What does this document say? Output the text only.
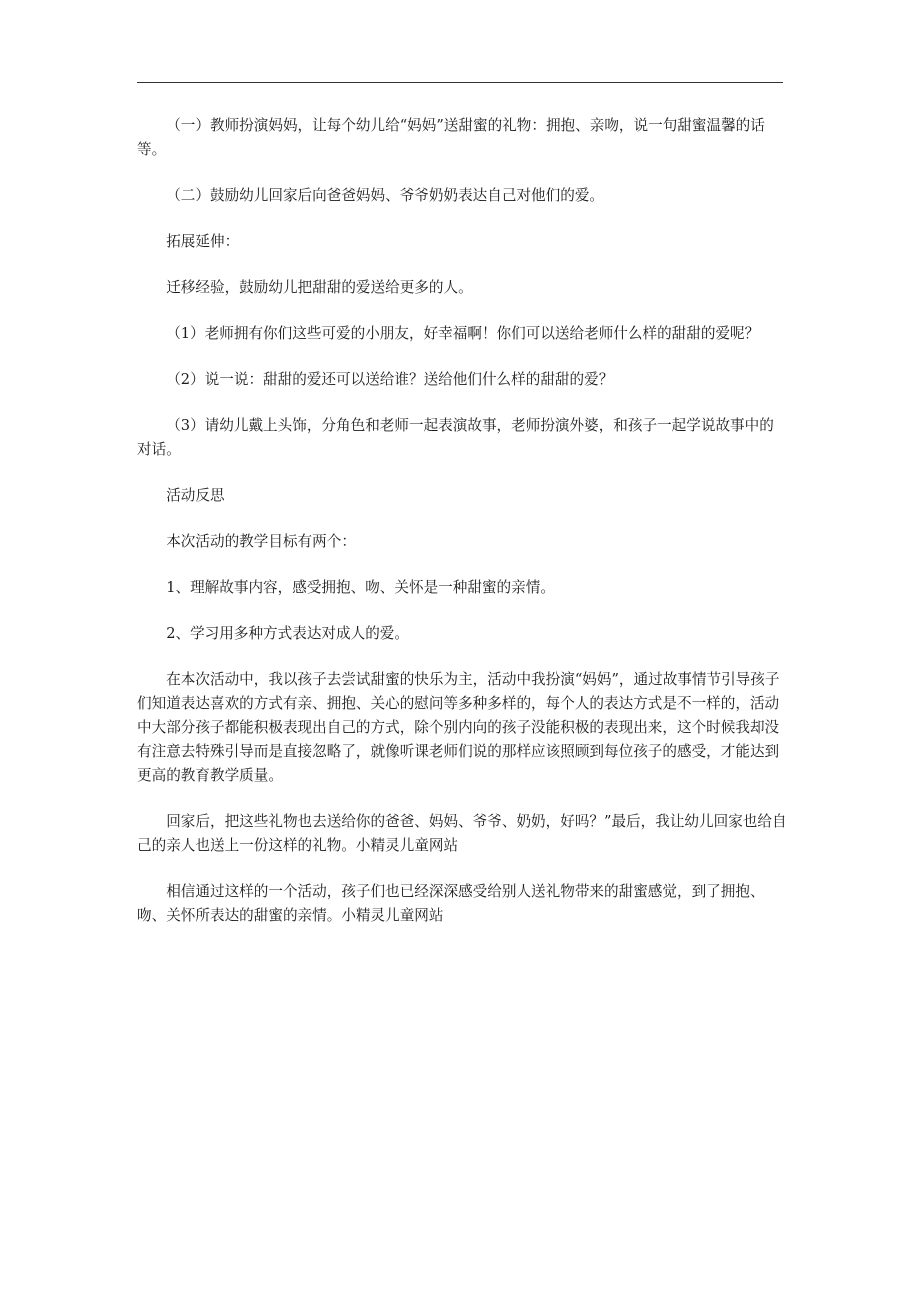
（一）教师扮演妈妈，让每个幼儿给“妈妈”送甜蜜的礼物：拥抱、亲吻，说一句甜蜜温馨的话等。

（二）鼓励幼儿回家后向爸爸妈妈、爷爷奶奶表达自己对他们的爱。

拓展延伸：

迁移经验，鼓励幼儿把甜甜的爱送给更多的人。

（1）老师拥有你们这些可爱的小朋友，好幸福啊！你们可以送给老师什么样的甜甜的爱呢？

（2）说一说：甜甜的爱还可以送给谁？送给他们什么样的甜甜的爱？

（3）请幼儿戴上头饰，分角色和老师一起表演故事，老师扮演外婆，和孩子一起学说故事中的对话。

活动反思

本次活动的教学目标有两个：

1、理解故事内容，感受拥抱、吻、关怀是一种甜蜜的亲情。

2、学习用多种方式表达对成人的爱。

在本次活动中，我以孩子去尝试甜蜜的快乐为主，活动中我扮演“妈妈”，通过故事情节引导孩子们知道表达喜欢的方式有亲、拥抱、关心的慰问等多种多样的，每个人的表达方式是不一样的，活动中大部分孩子都能积极表现出自己的方式，除个别内向的孩子没能积极的表现出来，这个时候我却没有注意去特殊引导而是直接忽略了，就像听课老师们说的那样应该照顾到每位孩子的感受，才能达到更高的教育教学质量。

回家后，把这些礼物也去送给你的爸爸、妈妈、爷爷、奶奶，好吗？”最后，我让幼儿回家也给自己的亲人也送上一份这样的礼物。小精灵儿童网站

相信通过这样的一个活动，孩子们也已经深深感受给别人送礼物带来的甜蜜感觉，到了拥抱、吻、关怀所表达的甜蜜的亲情。小精灵儿童网站
